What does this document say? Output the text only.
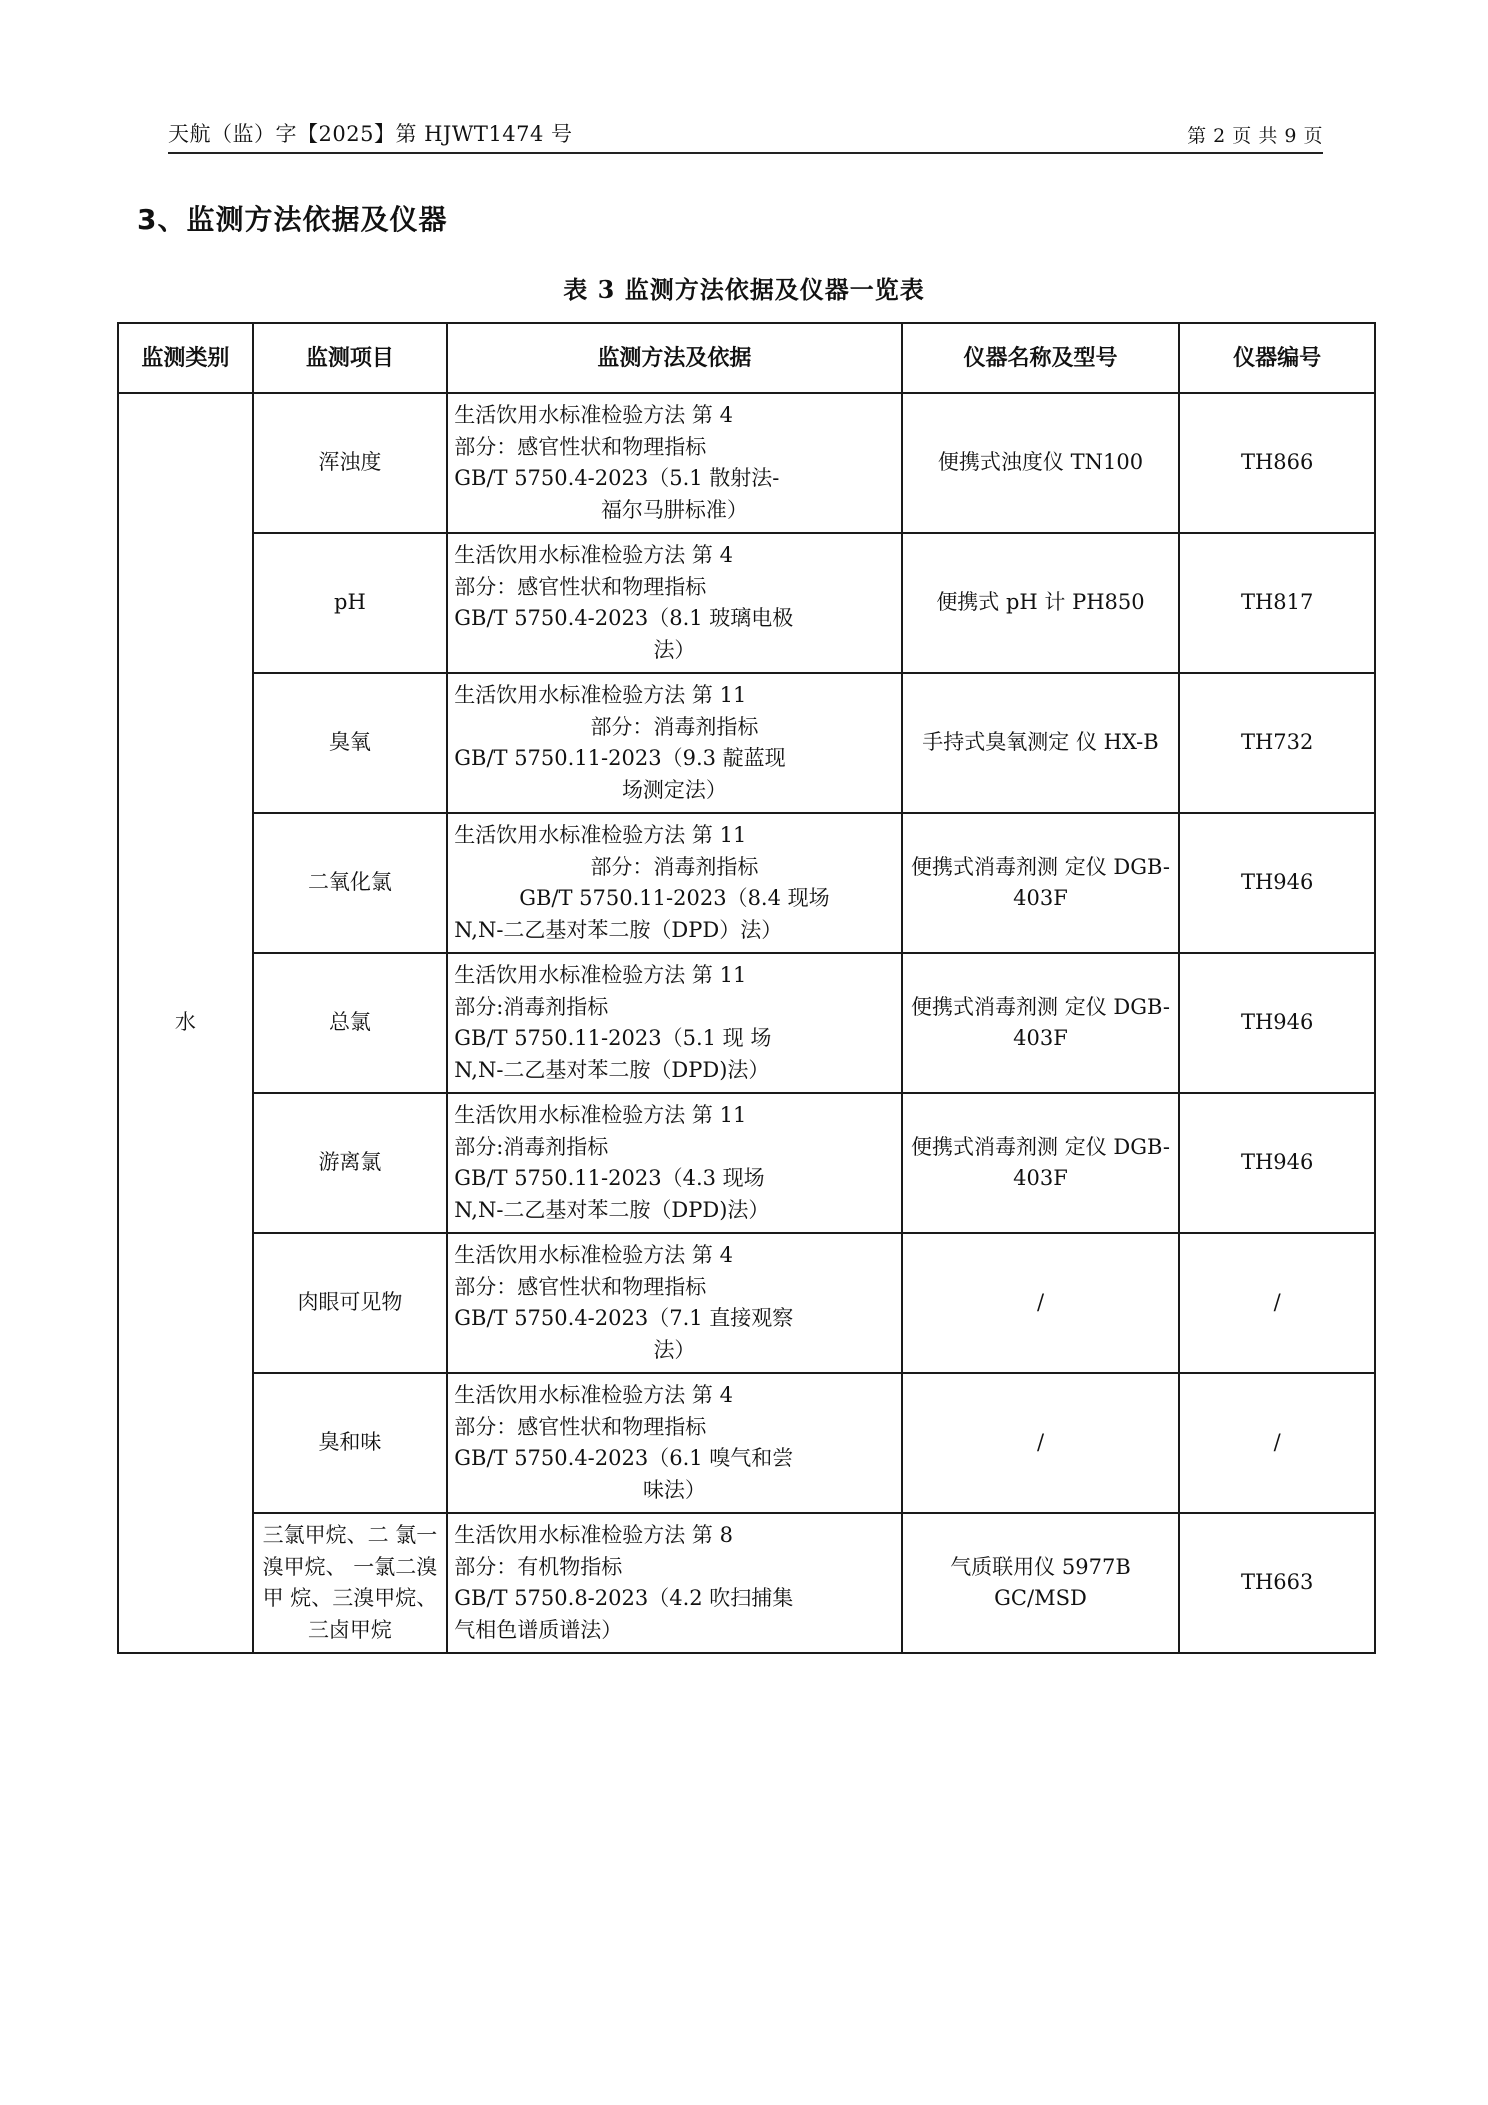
天航（监）字【2025】第 HJWT1474 号	第 2 页 共 9 页
3、监测方法依据及仪器
表 3 监测方法依据及仪器一览表
监测类别	监测项目	监测方法及依据	仪器名称及型号	仪器编号
水	浑浊度	生活饮用水标准检验方法 第 4
部分：感官性状和物理指标
GB/T 5750.4-2023（5.1 散射法-
福尔马肼标准）	便携式浊度仪 TN100	TH866
	pH	生活饮用水标准检验方法 第 4
部分：感官性状和物理指标
GB/T 5750.4-2023（8.1 玻璃电极
法）	便携式 pH 计 PH850	TH817
	臭氧	生活饮用水标准检验方法 第 11
部分：消毒剂指标
GB/T 5750.11-2023（9.3 靛蓝现
场测定法）	手持式臭氧测定 仪 HX-B	TH732
	二氧化氯	生活饮用水标准检验方法 第 11
部分：消毒剂指标
GB/T 5750.11-2023（8.4 现场
N,N-二乙基对苯二胺（DPD）法）	便携式消毒剂测 定仪 DGB-403F	TH946
	总氯	生活饮用水标准检验方法 第 11
部分:消毒剂指标
GB/T 5750.11-2023（5.1 现 场
N,N-二乙基对苯二胺（DPD)法）	便携式消毒剂测 定仪 DGB-403F	TH946
	游离氯	生活饮用水标准检验方法 第 11
部分:消毒剂指标
GB/T 5750.11-2023（4.3 现场
N,N-二乙基对苯二胺（DPD)法）	便携式消毒剂测 定仪 DGB-403F	TH946
	肉眼可见物	生活饮用水标准检验方法 第 4
部分：感官性状和物理指标
GB/T 5750.4-2023（7.1 直接观察
法）	/	/
	臭和味	生活饮用水标准检验方法 第 4
部分：感官性状和物理指标
GB/T 5750.4-2023（6.1 嗅气和尝
味法）	/	/
	三氯甲烷、二 氯一溴甲烷、 一氯二溴甲 烷、三溴甲烷、 三卤甲烷	生活饮用水标准检验方法 第 8
部分：有机物指标
GB/T 5750.8-2023（4.2 吹扫捕集
气相色谱质谱法）	气质联用仪 5977B GC/MSD	TH663
